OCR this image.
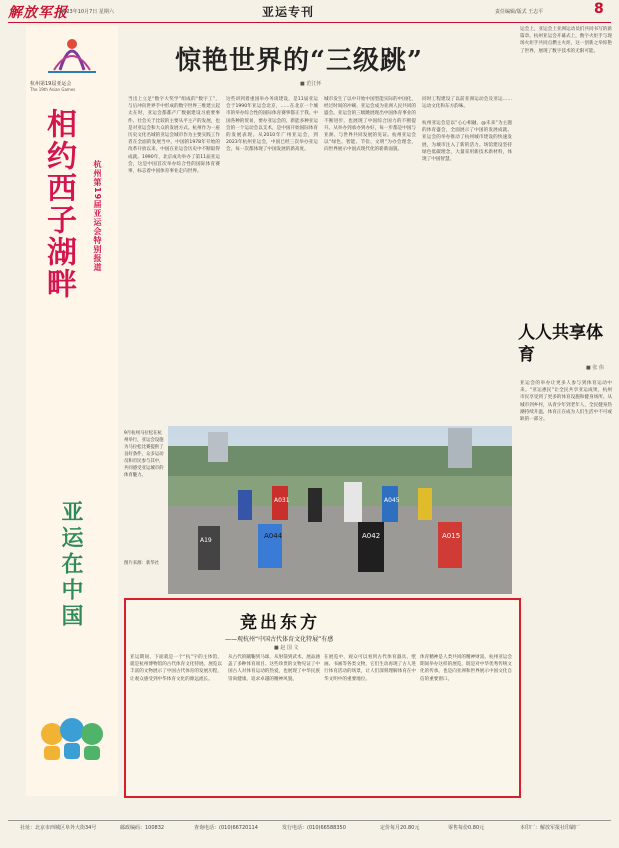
解放军报
2023年10月7日 星期六	亚运专刊	责任编辑/版式 王志平	8
杭州第19届亚运会
The 19th Asian Games
相约西子湖畔 杭州第19届亚运会特别报道
亚运在中国
惊艳世界的“三级跳”
■ 范江怀
当出上立足“数字大奖学”组成的“数字工”，与后冲向世界手中形成的数字世界三维建立起太在时，亚运会都都产广数据建设习重要事件。社会关于比较的主要从平主产的发展，也是对亚运会和大众的发展方式。杭州作为一座历史文化名城的亚运会城市作为主要实践工作者在全面的发展当中。中国的1978年开始的改革开放以来，中国在亚运会历史中不断取得成就。1990年，北京成功举办了第11届亚运会，这是中国首次举办综合性的国际体育赛事，标志着中国体育事业走向世界。
这些讲到着重国举办务谈建设，是11届亚运会于1990年亚运会北京，……在北京一个城市的举办综合性的国际体育赛事都正于我。中国各种的贸易，要办亚运会的，新能多种亚运会的一个运动会以支术，是中国开始国际体育的发展表现。从2010年广州亚运会，到2023年杭州亚运会，中国已经三次举办亚运会，每一次都体现了中国发展的新高度。
城市发生了以中开始中国型能实际的中国化，经过时间的冲刷，亚运会成为亚洲人民共同的盛会。亚运会的三级跳展现出中国体育事业的不断进步，也展现了中国综合国力的不断提升。从举办到承办到办好，每一步都是中国与亚洲、与世界共同发展的见证。杭州亚运会以“绿色、智能、节俭、文明”为办会理念，向世界展示中国式现代化的崭新面貌。
同时工程建设了以前亚洲运动会及亚运……运动文化和东方韵味。
杭州亚运会是以“心心相融，@未来”为主题的体育盛会，全面展示了中国的发展成就。亚运会的举办推动了杭州城市建设的快速发展，为城市注入了新的活力。场馆建设坚持绿色低碳理念，大量采用新技术新材料，体现了中国智慧。
运会上，亚运会上亚洲运动员们共同书写的新篇章。杭州亚运会开幕式上，数字火炬手与现场火炬手共同点燃主火炬，这一创新之举惊艳了世界，展现了数字技术的无限可能。
人人共享体育
■ 张 伟
亚运会的举办让更多人参与到体育运动中来。“亚运惠民”让全民共享亚运成果，杭州市民享受到了更多的体育设施和健身场所。从城市到乡村，从青少年到老年人，全民健身热潮持续升温，体育正在成为人们生活中不可或缺的一部分。
9月杭州马拉松在杭州举行，亚运会设施为马拉松比赛提供了良好条件，众多运动员和市民参与其中，共同感受亚运城市的体育魅力。
图片来源：新华社
A044	A042	A015
A031	A045
A19
竞出东方
——观杭州“中国古代体育文化特展”有感
■ 赵 国 文
亚运期间，下面就是一个“杭”字的主体馆，就是杭州博物馆的古代体育文化特展。展览以丰富的文物展示了中国古代体育的发展历程，让观众感受到中华体育文化的源远流长。
从古代的蹴鞠到马球，从射箭到武术，展品涵盖了多种体育项目。这些珍贵的文物见证了中国古人对体育运动的热爱，也展现了中华民族崇尚健康、追求卓越的精神风貌。
在展览中，观众可以看到古代体育器具、壁画、书画等各类文物，它们生动再现了古人进行体育活动的场景，让人们深刻理解体育在中华文明中的重要地位。
体育精神是人类共同的精神财富。杭州亚运会期间举办这样的展览，既是对中华优秀传统文化的传承，也是向亚洲和世界展示中国文化自信的重要窗口。
社址：北京市西城区阜外大街34号	邮政编码：100832	查询电话：(010)66720114	发行电话：(010)66588350	定价每月20.80元	零售每份0.80元	本印厂：解放军报社印刷厂
